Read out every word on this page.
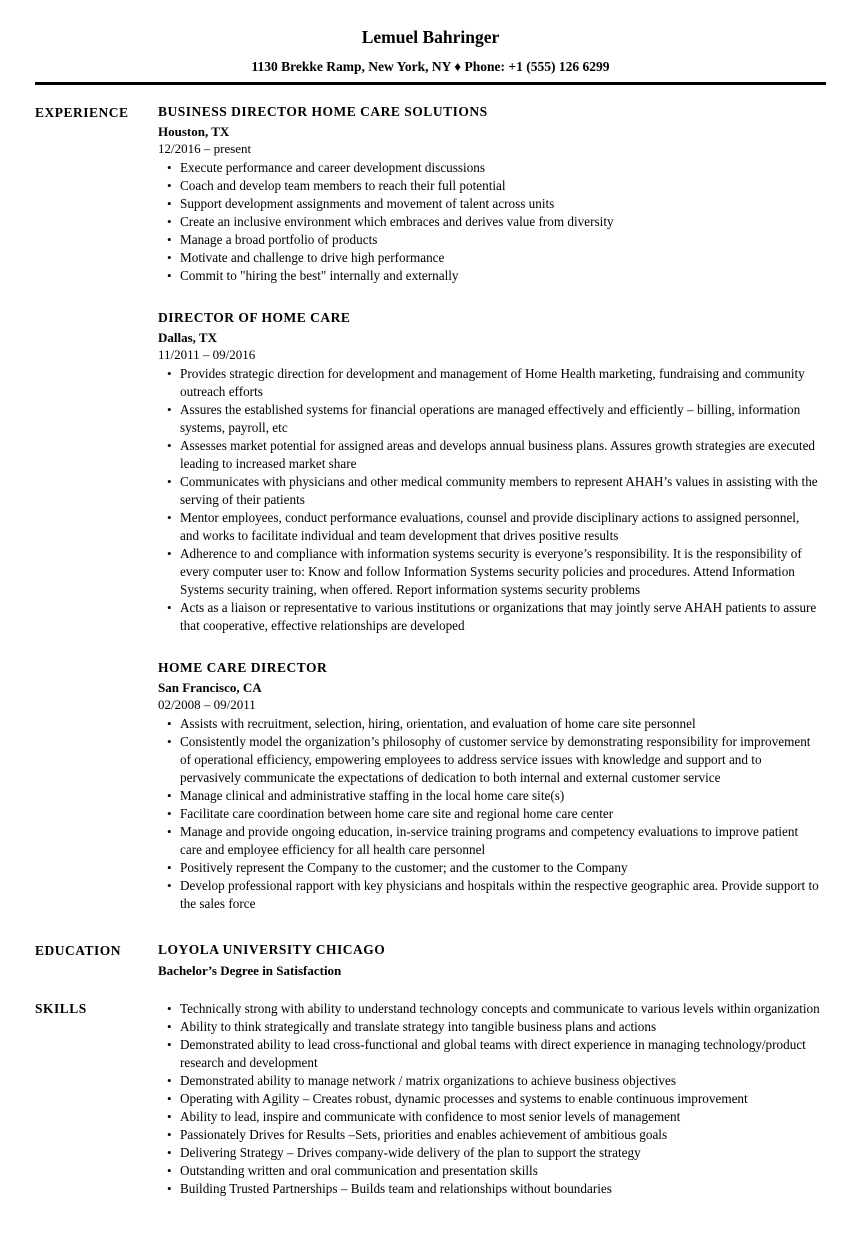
Lemuel Bahringer
1130 Brekke Ramp, New York, NY ♦ Phone: +1 (555) 126 6299
EXPERIENCE	BUSINESS DIRECTOR HOME CARE SOLUTIONS
Houston, TX
12/2016 – present
• Execute performance and career development discussions
• Coach and develop team members to reach their full potential
• Support development assignments and movement of talent across units
• Create an inclusive environment which embraces and derives value from diversity
• Manage a broad portfolio of products
• Motivate and challenge to drive high performance
• Commit to "hiring the best" internally and externally
DIRECTOR OF HOME CARE
Dallas, TX
11/2011 – 09/2016
• Provides strategic direction for development and management of Home Health marketing, fundraising and community outreach efforts
• Assures the established systems for financial operations are managed effectively and efficiently – billing, information systems, payroll, etc
• Assesses market potential for assigned areas and develops annual business plans. Assures growth strategies are executed leading to increased market share
• Communicates with physicians and other medical community members to represent AHAH’s values in assisting with the serving of their patients
• Mentor employees, conduct performance evaluations, counsel and provide disciplinary actions to assigned personnel, and works to facilitate individual and team development that drives positive results
• Adherence to and compliance with information systems security is everyone’s responsibility. It is the responsibility of every computer user to: Know and follow Information Systems security policies and procedures. Attend Information Systems security training, when offered. Report information systems security problems
• Acts as a liaison or representative to various institutions or organizations that may jointly serve AHAH patients to assure that cooperative, effective relationships are developed
HOME CARE DIRECTOR
San Francisco, CA
02/2008 – 09/2011
• Assists with recruitment, selection, hiring, orientation, and evaluation of home care site personnel
• Consistently model the organization’s philosophy of customer service by demonstrating responsibility for improvement of operational efficiency, empowering employees to address service issues with knowledge and support and to pervasively communicate the expectations of dedication to both internal and external customer service
• Manage clinical and administrative staffing in the local home care site(s)
• Facilitate care coordination between home care site and regional home care center
• Manage and provide ongoing education, in-service training programs and competency evaluations to improve patient care and employee efficiency for all health care personnel
• Positively represent the Company to the customer; and the customer to the Company
• Develop professional rapport with key physicians and hospitals within the respective geographic area. Provide support to the sales force
EDUCATION	LOYOLA UNIVERSITY CHICAGO
Bachelor’s Degree in Satisfaction
SKILLS	• Technically strong with ability to understand technology concepts and communicate to various levels within organization
• Ability to think strategically and translate strategy into tangible business plans and actions
• Demonstrated ability to lead cross-functional and global teams with direct experience in managing technology/product research and development
• Demonstrated ability to manage network / matrix organizations to achieve business objectives
• Operating with Agility – Creates robust, dynamic processes and systems to enable continuous improvement
• Ability to lead, inspire and communicate with confidence to most senior levels of management
• Passionately Drives for Results –Sets, priorities and enables achievement of ambitious goals
• Delivering Strategy – Drives company-wide delivery of the plan to support the strategy
• Outstanding written and oral communication and presentation skills
• Building Trusted Partnerships – Builds team and relationships without boundaries
